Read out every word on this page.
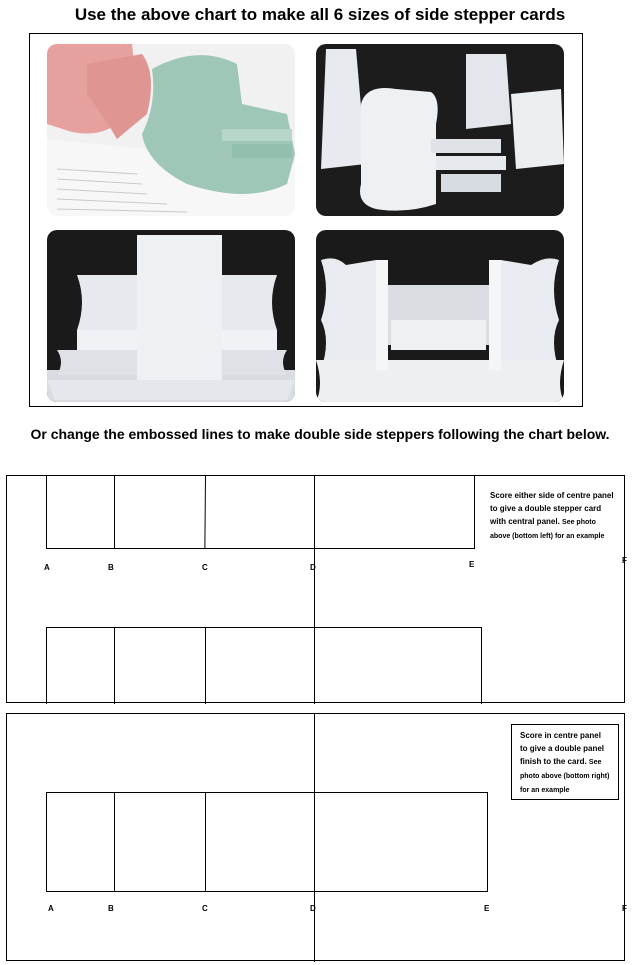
Use the above chart to make all 6 sizes of side stepper cards
Or change the embossed lines to make double side steppers following the chart below.
A	B	C	D	E	F
Score either side of centre panel to give a double stepper card with central panel. See photo above (bottom left) for an example
A	B	C	D	E	F
Score in centre panel to give a double panel finish to the card. See photo above (bottom right) for an example
